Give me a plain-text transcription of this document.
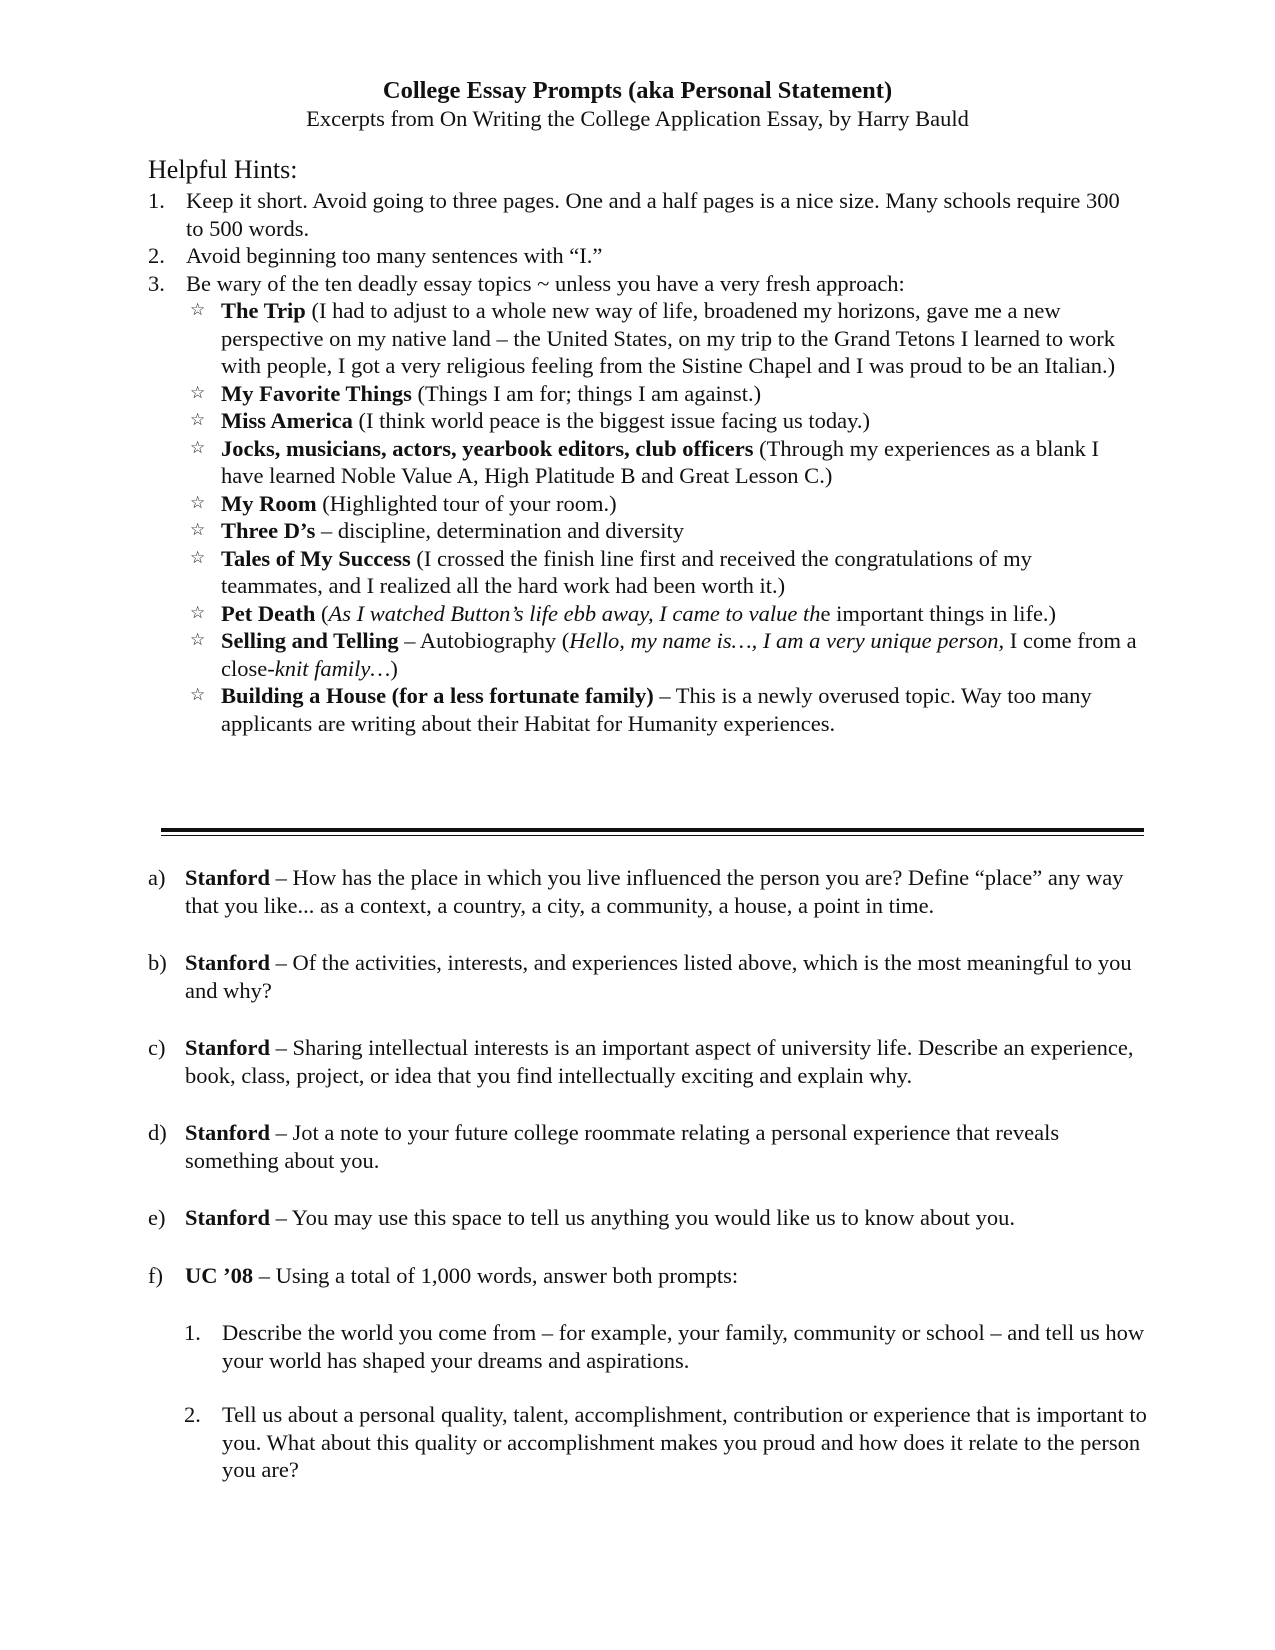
College Essay Prompts (aka Personal Statement)
Excerpts from On Writing the College Application Essay, by Harry Bauld
Helpful Hints:
1. Keep it short. Avoid going to three pages. One and a half pages is a nice size. Many schools require 300 to 500 words.
2. Avoid beginning too many sentences with “I.”
3. Be wary of the ten deadly essay topics ~ unless you have a very fresh approach:
☆ The Trip (I had to adjust to a whole new way of life, broadened my horizons, gave me a new perspective on my native land – the United States, on my trip to the Grand Tetons I learned to work with people, I got a very religious feeling from the Sistine Chapel and I was proud to be an Italian.)
☆ My Favorite Things (Things I am for; things I am against.)
☆ Miss America (I think world peace is the biggest issue facing us today.)
☆ Jocks, musicians, actors, yearbook editors, club officers (Through my experiences as a blank I have learned Noble Value A, High Platitude B and Great Lesson C.)
☆ My Room (Highlighted tour of your room.)
☆ Three D’s – discipline, determination and diversity
☆ Tales of My Success (I crossed the finish line first and received the congratulations of my teammates, and I realized all the hard work had been worth it.)
☆ Pet Death (As I watched Button’s life ebb away, I came to value the important things in life.)
☆ Selling and Telling – Autobiography (Hello, my name is…, I am a very unique person, I come from a close-knit family…)
☆ Building a House (for a less fortunate family) – This is a newly overused topic. Way too many applicants are writing about their Habitat for Humanity experiences.
a) Stanford – How has the place in which you live influenced the person you are? Define “place” any way that you like... as a context, a country, a city, a community, a house, a point in time.
b) Stanford – Of the activities, interests, and experiences listed above, which is the most meaningful to you and why?
c) Stanford – Sharing intellectual interests is an important aspect of university life. Describe an experience, book, class, project, or idea that you find intellectually exciting and explain why.
d) Stanford – Jot a note to your future college roommate relating a personal experience that reveals something about you.
e) Stanford – You may use this space to tell us anything you would like us to know about you.
f) UC ’08 – Using a total of 1,000 words, answer both prompts:
1. Describe the world you come from – for example, your family, community or school – and tell us how your world has shaped your dreams and aspirations.
2. Tell us about a personal quality, talent, accomplishment, contribution or experience that is important to you. What about this quality or accomplishment makes you proud and how does it relate to the person you are?
